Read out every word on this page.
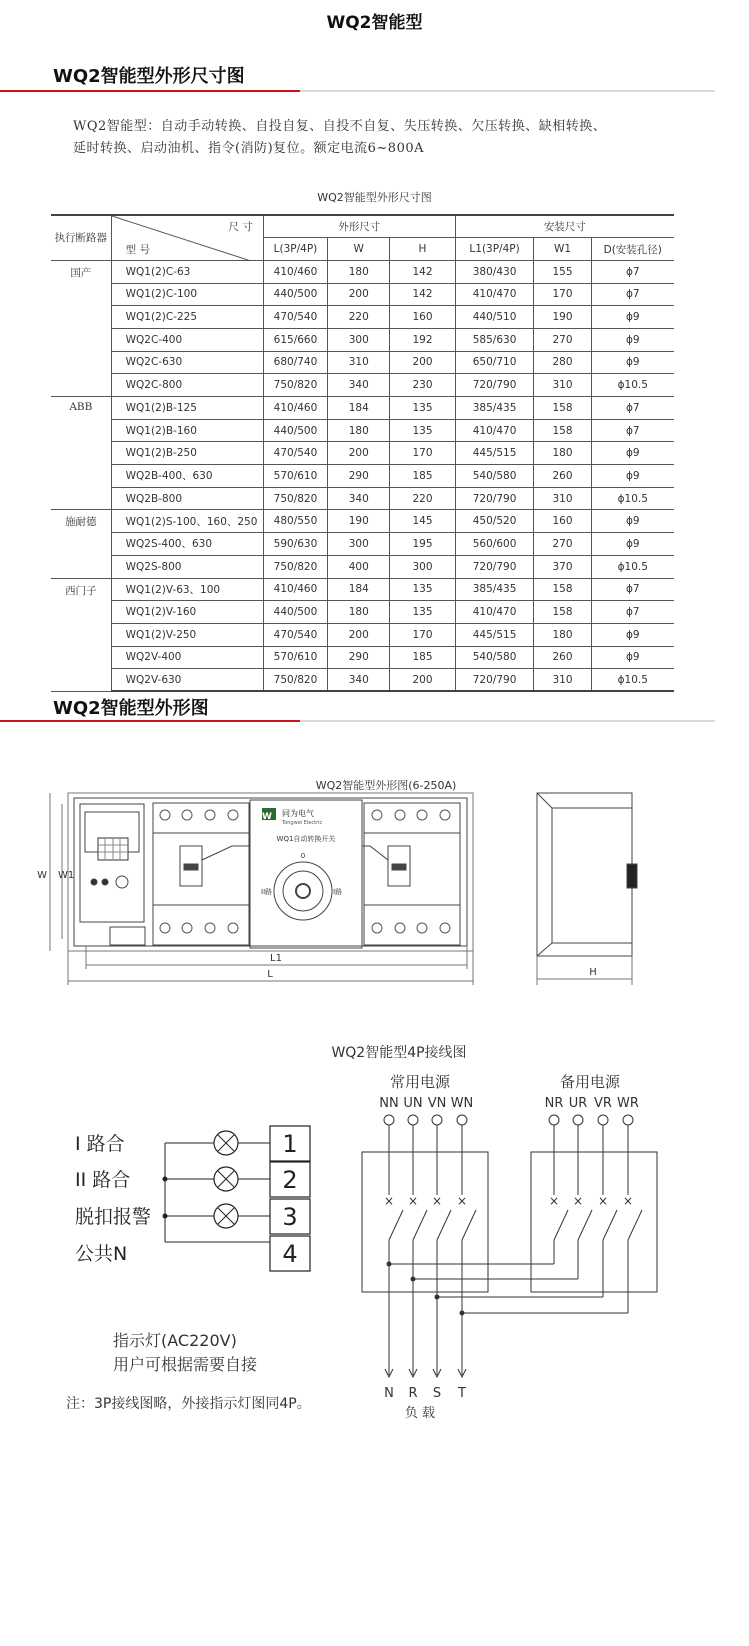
WQ2智能型
WQ2智能型外形尺寸图
WQ2智能型：自动手动转换、自投自复、自投不自复、失压转换、欠压转换、缺相转换、
延时转换、启动油机、指令(消防)复位。额定电流6~800A
WQ2智能型外形尺寸图
执行断路器	尺 寸
型 号	外形尺寸			安装尺寸		
		L(3P/4P)	W	H	L1(3P/4P)	W1	D(安装孔径)
国产	WQ1(2)C-63	410/460	180	142	380/430	155	ϕ7
	WQ1(2)C-100	440/500	200	142	410/470	170	ϕ7
	WQ1(2)C-225	470/540	220	160	440/510	190	ϕ9
	WQ2C-400	615/660	300	192	585/630	270	ϕ9
	WQ2C-630	680/740	310	200	650/710	280	ϕ9
	WQ2C-800	750/820	340	230	720/790	310	ϕ10.5
ABB	WQ1(2)B-125	410/460	184	135	385/435	158	ϕ7
	WQ1(2)B-160	440/500	180	135	410/470	158	ϕ7
	WQ1(2)B-250	470/540	200	170	445/515	180	ϕ9
	WQ2B-400、630	570/610	290	185	540/580	260	ϕ9
	WQ2B-800	750/820	340	220	720/790	310	ϕ10.5
施耐德	WQ1(2)S-100、160、250	480/550	190	145	450/520	160	ϕ9
	WQ2S-400、630	590/630	300	195	560/600	270	ϕ9
	WQ2S-800	750/820	400	300	720/790	370	ϕ10.5
西门子	WQ1(2)V-63、100	410/460	184	135	385/435	158	ϕ7
	WQ1(2)V-160	440/500	180	135	410/470	158	ϕ7
	WQ1(2)V-250	470/540	200	170	445/515	180	ϕ9
	WQ2V-400	570/610	290	185	540/580	260	ϕ9
	WQ2V-630	750/820	340	200	720/790	310	ϕ10.5
WQ2智能型外形图
W 同为电气
Tongwei Electric
WQ1自动转换开关
0
II路	I路
WQ2智能型外形图(6-250A)
W W1
L1
L	H
WQ2智能型4P接线图
常用电源	备用电源
NN
×
UN
×
VN
×
WN
×
NR
×
UR
×
VR
×
WR
×
N R S T
I 路合	1
II 路合	2
脱扣报警	3
公共N	4
指示灯(AC220V)
用户可根据需要自接
注：3P接线图略，外接指示灯图同4P。
负 载
